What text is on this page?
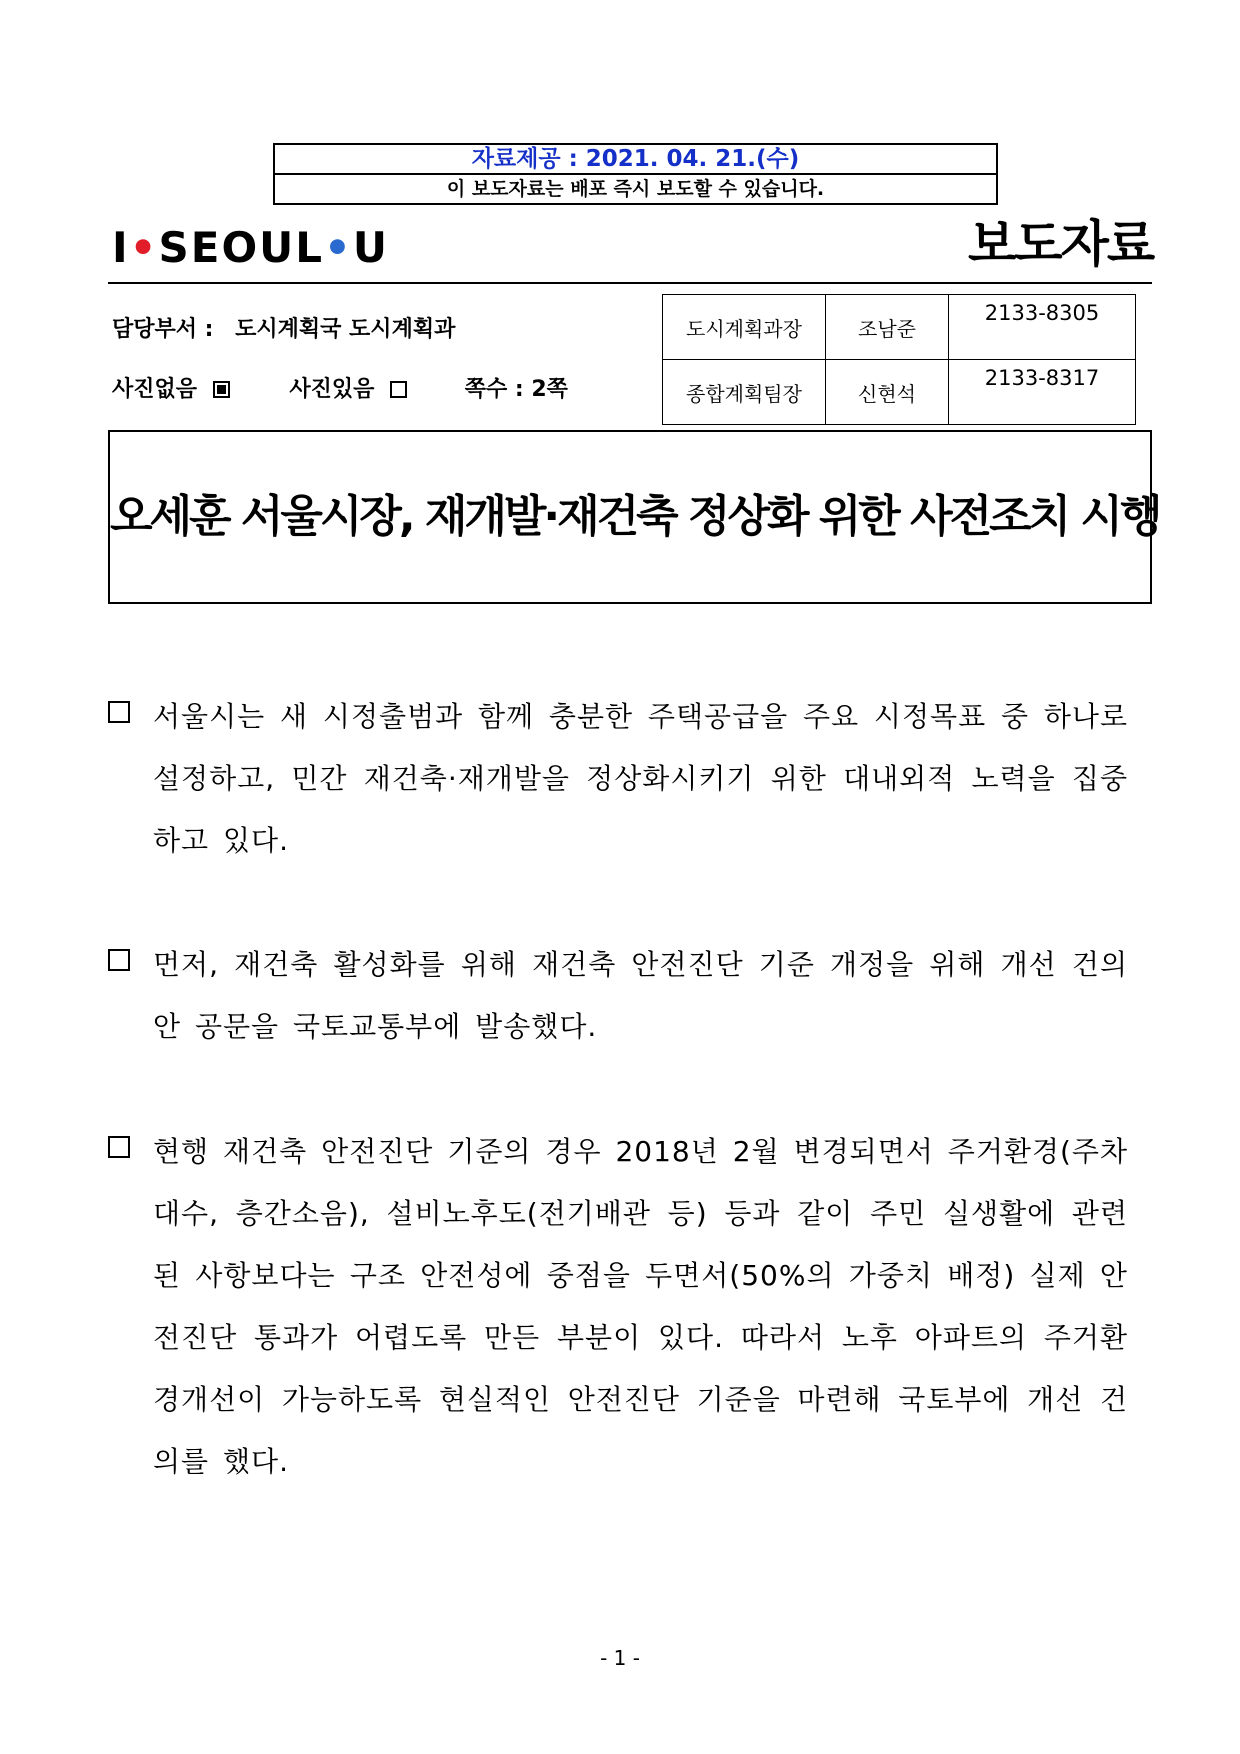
자료제공 : 2021. 04. 21.(수)
이 보도자료는 배포 즉시 보도할 수 있습니다.
I•SEOUL•U	보도자료
담당부서 : 도시계획국 도시계획과
사진없음	사진있음	쪽수 : 2쪽
도시계획과장	조남준	2133-8305
종합계획팀장	신현석	2133-8317
오세훈 서울시장, 재개발·재건축 정상화 위한 사전조치 시행
서울시는 새 시정출범과 함께 충분한 주택공급을 주요 시정목표 중 하나로 설정하고, 민간 재건축·재개발을 정상화시키기 위한 대내외적 노력을 집중하고 있다.
먼저, 재건축 활성화를 위해 재건축 안전진단 기준 개정을 위해 개선 건의안 공문을 국토교통부에 발송했다.
현행 재건축 안전진단 기준의 경우 2018년 2월 변경되면서 주거환경(주차대수, 층간소음), 설비노후도(전기배관 등) 등과 같이 주민 실생활에 관련된 사항보다는 구조 안전성에 중점을 두면서(50%의 가중치 배정) 실제 안전진단 통과가 어렵도록 만든 부분이 있다. 따라서 노후 아파트의 주거환경개선이 가능하도록 현실적인 안전진단 기준을 마련해 국토부에 개선 건의를 했다.
- 1 -
